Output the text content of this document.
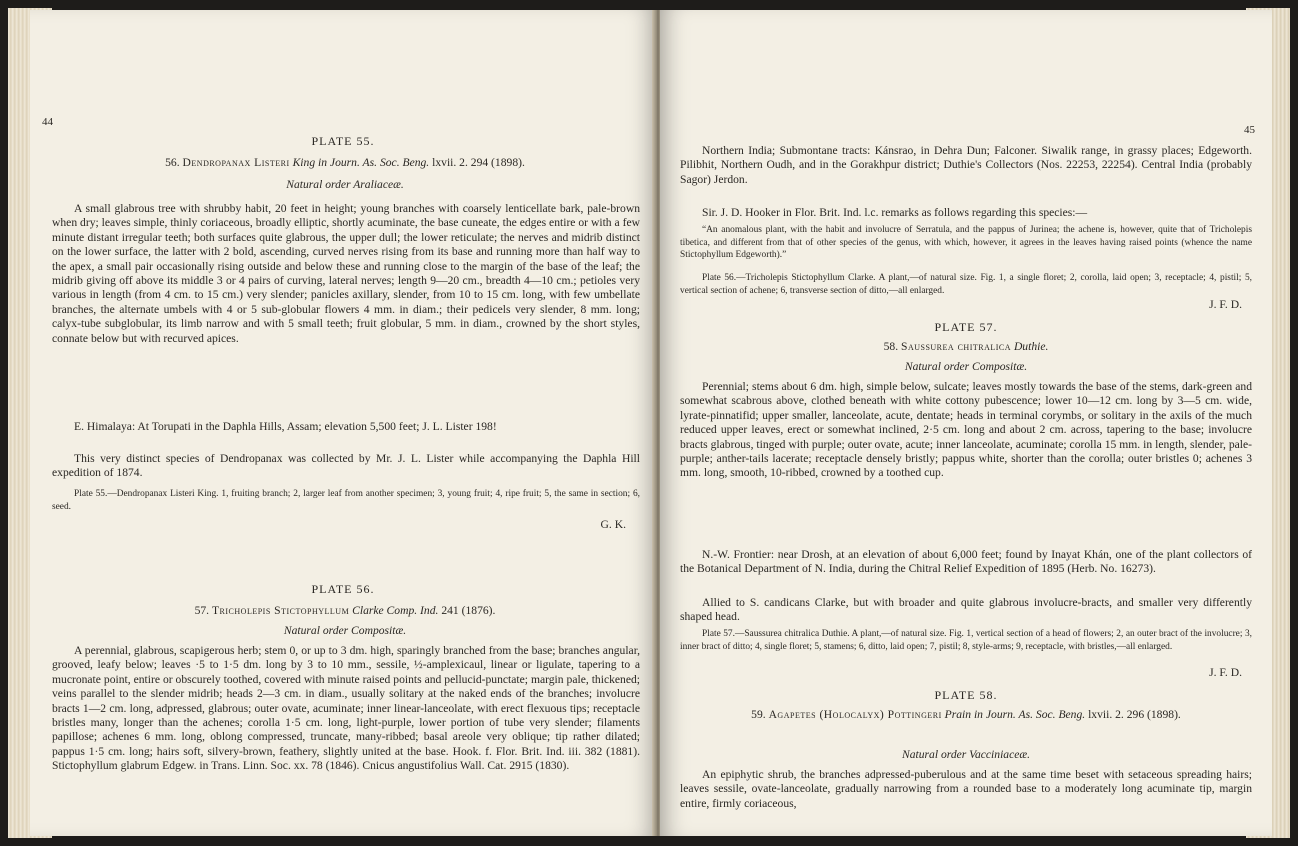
44
PLATE 55.
56. Dendropanax Listeri King in Journ. As. Soc. Beng. lxvii. 2. 294 (1898).
Natural order Araliaceæ.
A small glabrous tree with shrubby habit, 20 feet in height; young branches with coarsely lenticellate bark, pale-brown when dry; leaves simple, thinly coriaceous, broadly elliptic, shortly acuminate, the base cuneate, the edges entire or with a few minute distant irregular teeth; both surfaces quite glabrous, the upper dull; the lower reticulate; the nerves and midrib distinct on the lower surface, the latter with 2 bold, ascending, curved nerves rising from its base and running more than half way to the apex, a small pair occasionally rising outside and below these and running close to the margin of the base of the leaf; the midrib giving off above its middle 3 or 4 pairs of curving, lateral nerves; length 9—20 cm., breadth 4—10 cm.; petioles very various in length (from 4 cm. to 15 cm.) very slender; panicles axillary, slender, from 10 to 15 cm. long, with few umbellate branches, the alternate umbels with 4 or 5 sub-globular flowers 4 mm. in diam.; their pedicels very slender, 8 mm. long; calyx-tube subglobular, its limb narrow and with 5 small teeth; fruit globular, 5 mm. in diam., crowned by the short styles, connate below but with recurved apices.
E. Himalaya: At Torupati in the Daphla Hills, Assam; elevation 5,500 feet; J. L. Lister 198!
This very distinct species of Dendropanax was collected by Mr. J. L. Lister while accompanying the Daphla Hill expedition of 1874.
Plate 55.—Dendropanax Listeri King. 1, fruiting branch; 2, larger leaf from another specimen; 3, young fruit; 4, ripe fruit; 5, the same in section; 6, seed.
G. K.
PLATE 56.
57. Tricholepis Stictophyllum Clarke Comp. Ind. 241 (1876).
Natural order Compositæ.
A perennial, glabrous, scapigerous herb; stem 0, or up to 3 dm. high, sparingly branched from the base; branches angular, grooved, leafy below; leaves ·5 to 1·5 dm. long by 3 to 10 mm., sessile, ½-amplexicaul, linear or ligulate, tapering to a mucronate point, entire or obscurely toothed, covered with minute raised points and pellucid-punctate; margin pale, thickened; veins parallel to the slender midrib; heads 2—3 cm. in diam., usually solitary at the naked ends of the branches; involucre bracts 1—2 cm. long, adpressed, glabrous; outer ovate, acuminate; inner linear-lanceolate, with erect flexuous tips; receptacle bristles many, longer than the achenes; corolla 1·5 cm. long, light-purple, lower portion of tube very slender; filaments papillose; achenes 6 mm. long, oblong compressed, truncate, many-ribbed; basal areole very oblique; tip rather dilated; pappus 1·5 cm. long; hairs soft, silvery-brown, feathery, slightly united at the base. Hook. f. Flor. Brit. Ind. iii. 382 (1881). Stictophyllum glabrum Edgew. in Trans. Linn. Soc. xx. 78 (1846). Cnicus angustifolius Wall. Cat. 2915 (1830).
45
Northern India; Submontane tracts: Kánsrao, in Dehra Dun; Falconer. Siwalik range, in grassy places; Edgeworth. Pilibhit, Northern Oudh, and in the Gorakhpur district; Duthie's Collectors (Nos. 22253, 22254). Central India (probably Sagor) Jerdon.
Sir. J. D. Hooker in Flor. Brit. Ind. l.c. remarks as follows regarding this species:—
“An anomalous plant, with the habit and involucre of Serratula, and the pappus of Jurinea; the achene is, however, quite that of Tricholepis tibetica, and different from that of other species of the genus, with which, however, it agrees in the leaves having raised points (whence the name Stictophyllum Edgeworth).”
Plate 56.—Tricholepis Stictophyllum Clarke. A plant,—of natural size. Fig. 1, a single floret; 2, corolla, laid open; 3, receptacle; 4, pistil; 5, vertical section of achene; 6, transverse section of ditto,—all enlarged.
J. F. D.
PLATE 57.
58. Saussurea chitralica Duthie.
Natural order Compositæ.
Perennial; stems about 6 dm. high, simple below, sulcate; leaves mostly towards the base of the stems, dark-green and somewhat scabrous above, clothed beneath with white cottony pubescence; lower 10—12 cm. long by 3—5 cm. wide, lyrate-pinnatifid; upper smaller, lanceolate, acute, dentate; heads in terminal corymbs, or solitary in the axils of the much reduced upper leaves, erect or somewhat inclined, 2·5 cm. long and about 2 cm. across, tapering to the base; involucre bracts glabrous, tinged with purple; outer ovate, acute; inner lanceolate, acuminate; corolla 15 mm. in length, slender, pale-purple; anther-tails lacerate; receptacle densely bristly; pappus white, shorter than the corolla; outer bristles 0; achenes 3 mm. long, smooth, 10-ribbed, crowned by a toothed cup.
N.-W. Frontier: near Drosh, at an elevation of about 6,000 feet; found by Inayat Khán, one of the plant collectors of the Botanical Department of N. India, during the Chitral Relief Expedition of 1895 (Herb. No. 16273).
Allied to S. candicans Clarke, but with broader and quite glabrous involucre-bracts, and smaller very differently shaped head.
Plate 57.—Saussurea chitralica Duthie. A plant,—of natural size. Fig. 1, vertical section of a head of flowers; 2, an outer bract of the involucre; 3, inner bract of ditto; 4, single floret; 5, stamens; 6, ditto, laid open; 7, pistil; 8, style-arms; 9, receptacle, with bristles,—all enlarged.
J. F. D.
PLATE 58.
59. Agapetes (Holocalyx) Pottingeri Prain in Journ. As. Soc. Beng. lxvii. 2. 296 (1898).
Natural order Vacciniaceæ.
An epiphytic shrub, the branches adpressed-puberulous and at the same time beset with setaceous spreading hairs; leaves sessile, ovate-lanceolate, gradually narrowing from a rounded base to a moderately long acuminate tip, margin entire, firmly coriaceous,
